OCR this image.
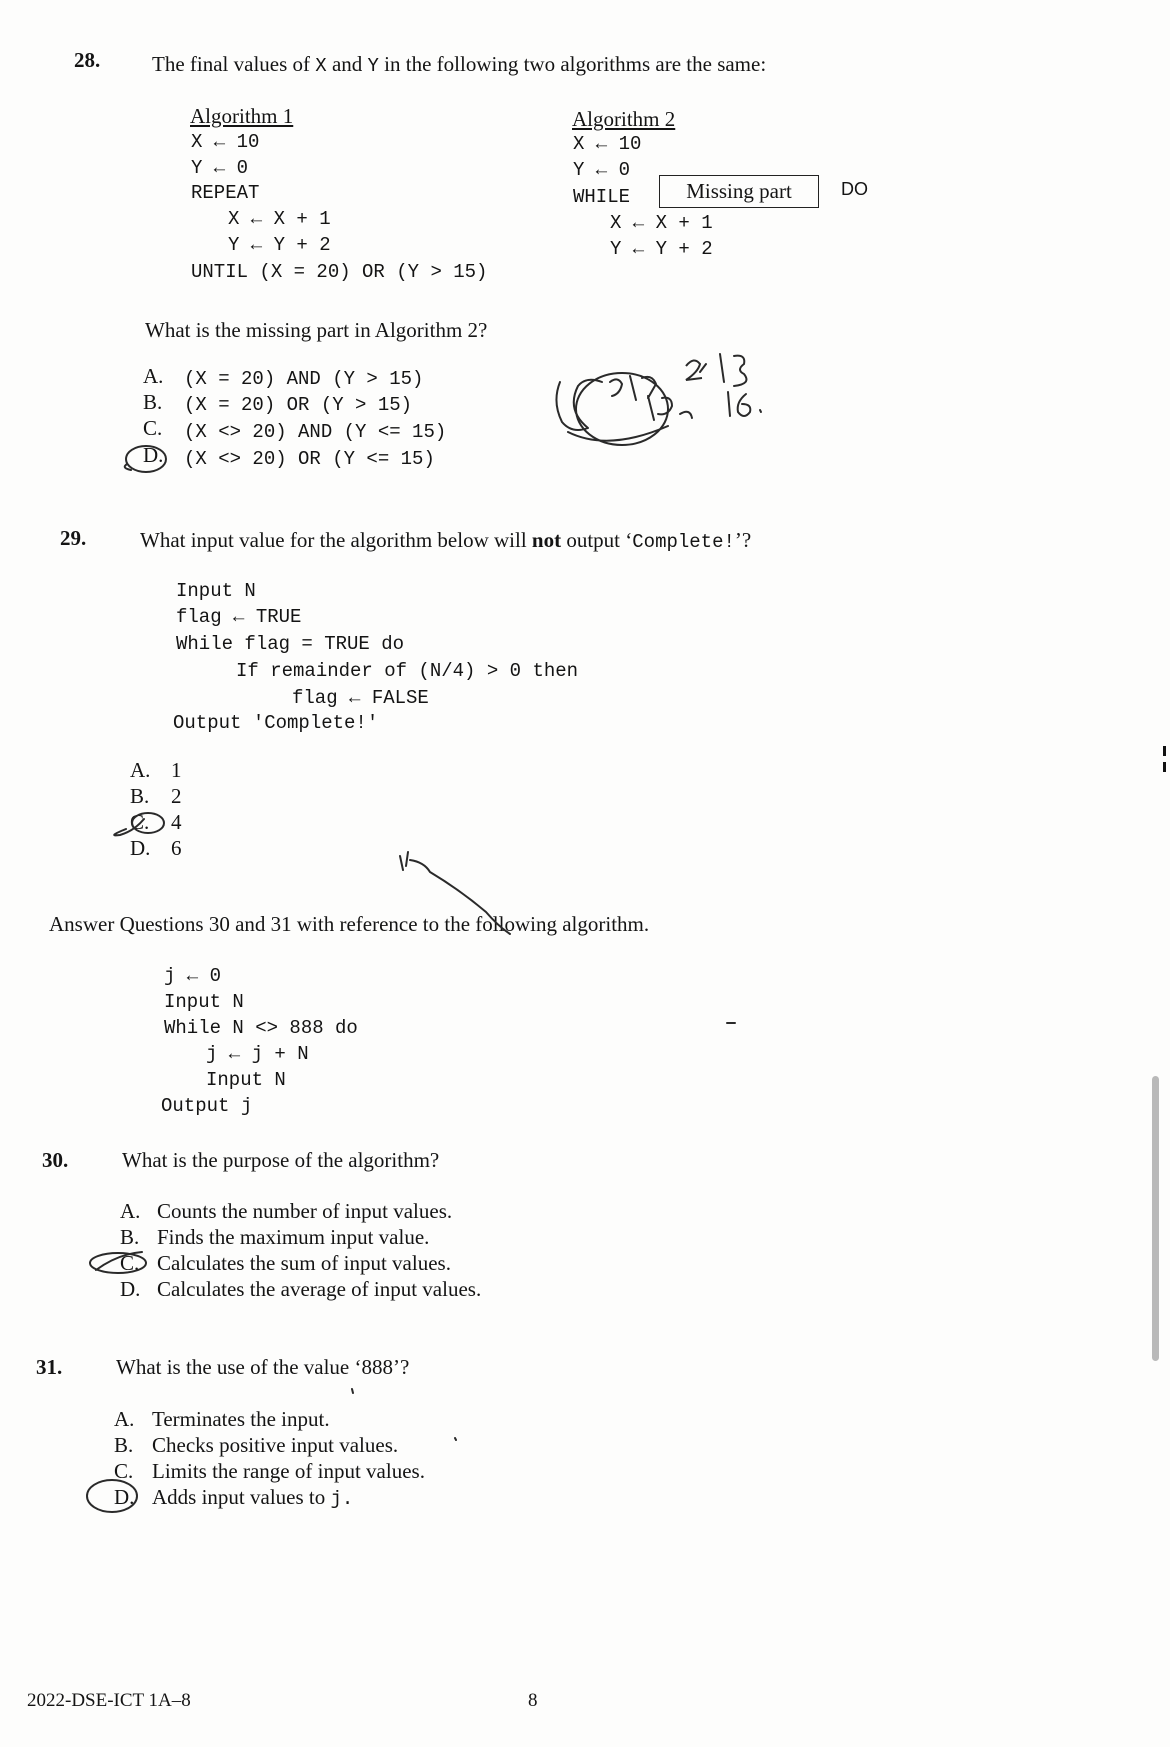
28. The final values of X and Y in the following two algorithms are the same:
Algorithm 1
X ← 10
Y ← 0
REPEAT
X ← X + 1
Y ← Y + 2
UNTIL (X = 20) OR (Y > 15)
Algorithm 2
X ← 10
Y ← 0
WHILE	Missing part	DO
X ← X + 1
Y ← Y + 2
What is the missing part in Algorithm 2?
A. (X = 20) AND (Y > 15)
B. (X = 20) OR (Y > 15)
C. (X <> 20) AND (Y <= 15)
D. (X <> 20) OR (Y <= 15)
29.	What input value for the algorithm below will not output ‘Complete!’?
Input N
flag ← TRUE
While flag = TRUE do
If remainder of (N/4) > 0 then
flag ← FALSE
Output 'Complete!'
A. 1
B. 2
C. 4
D. 6
Answer Questions 30 and 31 with reference to the following algorithm.
j ← 0
Input N
While N <> 888 do
j ← j + N
Input N
Output j
30.	What is the purpose of the algorithm?
A. Counts the number of input values.
B. Finds the maximum input value.
C. Calculates the sum of input values.
D. Calculates the average of input values.
31.	What is the use of the value ‘888’?
A. Terminates the input.
B. Checks positive input values.
C. Limits the range of input values.
D. Adds input values to j.
2022-DSE-ICT 1A–8	8
